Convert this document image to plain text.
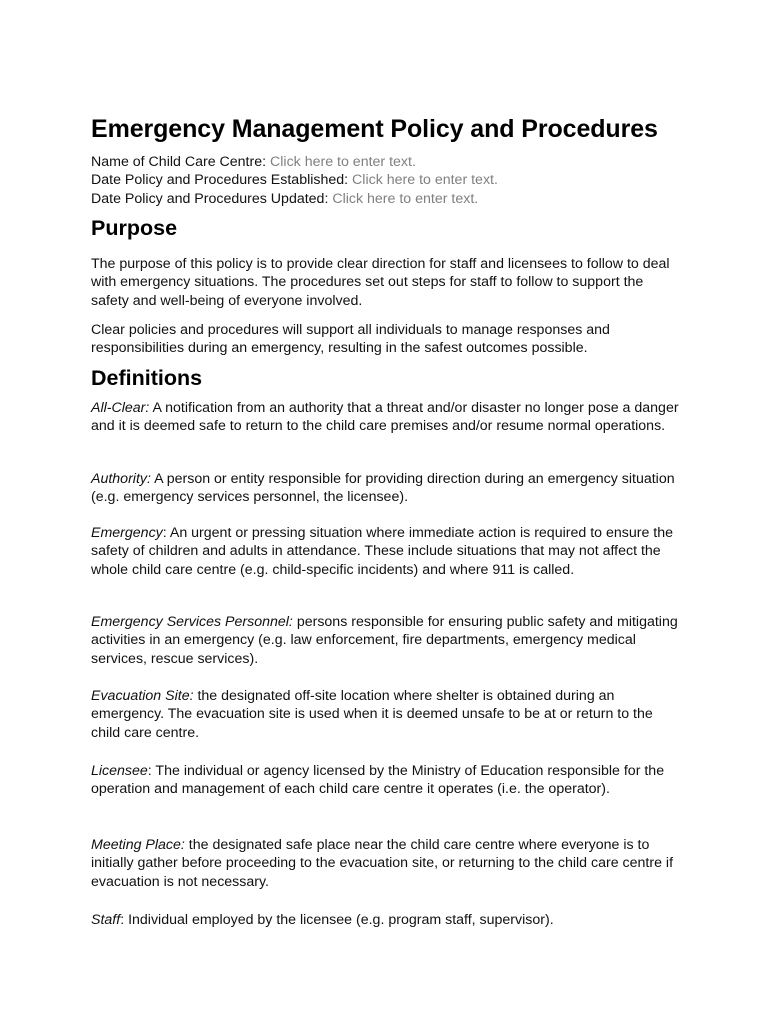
Emergency Management Policy and Procedures
Name of Child Care Centre: Click here to enter text.
Date Policy and Procedures Established: Click here to enter text.
Date Policy and Procedures Updated: Click here to enter text.
Purpose

The purpose of this policy is to provide clear direction for staff and licensees to follow to deal with emergency situations. The procedures set out steps for staff to follow to support the safety and well-being of everyone involved.

Clear policies and procedures will support all individuals to manage responses and responsibilities during an emergency, resulting in the safest outcomes possible.

Definitions

All-Clear: A notification from an authority that a threat and/or disaster no longer pose a danger and it is deemed safe to return to the child care premises and/or resume normal operations.

Authority: A person or entity responsible for providing direction during an emergency situation (e.g. emergency services personnel, the licensee).

Emergency: An urgent or pressing situation where immediate action is required to ensure the safety of children and adults in attendance. These include situations that may not affect the whole child care centre (e.g. child-specific incidents) and where 911 is called.

Emergency Services Personnel: persons responsible for ensuring public safety and mitigating activities in an emergency (e.g. law enforcement, fire departments, emergency medical services, rescue services).

Evacuation Site: the designated off-site location where shelter is obtained during an emergency. The evacuation site is used when it is deemed unsafe to be at or return to the child care centre.

Licensee: The individual or agency licensed by the Ministry of Education responsible for the operation and management of each child care centre it operates (i.e. the operator).

Meeting Place: the designated safe place near the child care centre where everyone is to initially gather before proceeding to the evacuation site, or returning to the child care centre if evacuation is not necessary.

Staff: Individual employed by the licensee (e.g. program staff, supervisor).
